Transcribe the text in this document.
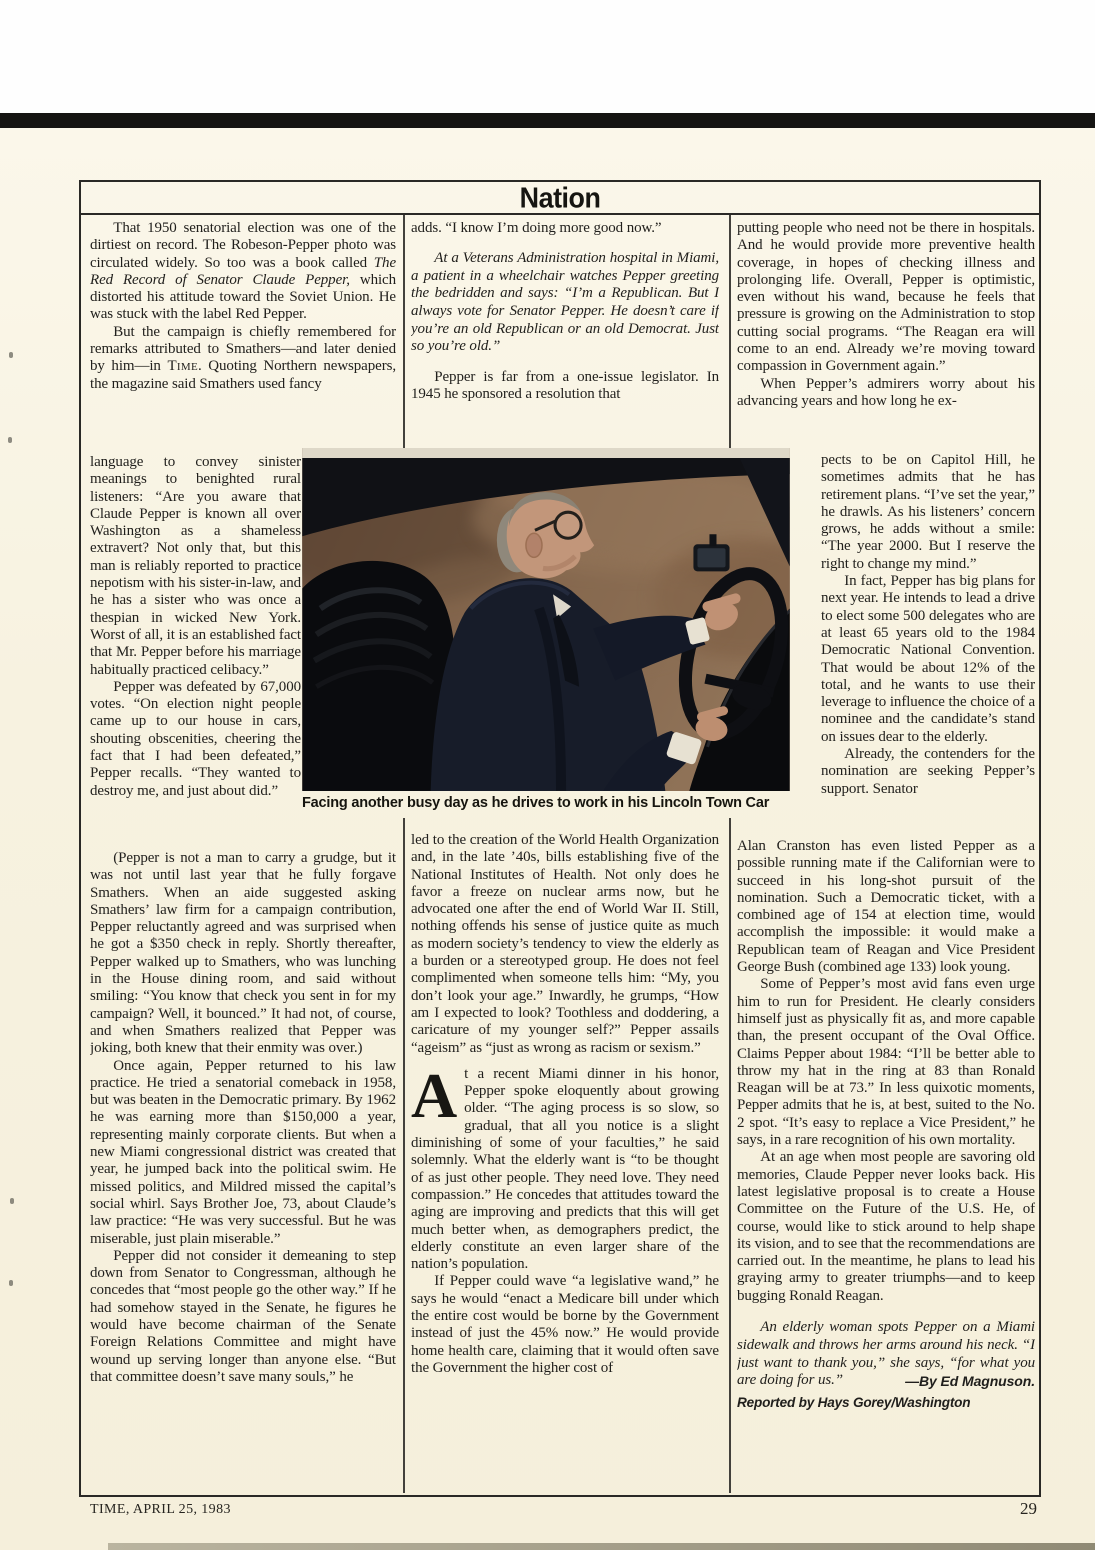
Nation
That 1950 senatorial election was one of the dirtiest on record. The Robeson-Pepper photo was circulated widely. So too was a book called The Red Record of Senator Claude Pepper, which distorted his attitude toward the Soviet Union. He was stuck with the label Red Pepper.
But the campaign is chiefly remembered for remarks attributed to Smathers—and later denied by him—in Time. Quoting Northern newspapers, the magazine said Smathers used fancy
language to convey sinister meanings to benighted rural listeners: “Are you aware that Claude Pepper is known all over Washington as a shameless extravert? Not only that, but this man is reliably reported to practice nepotism with his sister-in-law, and he has a sister who was once a thespian in wicked New York. Worst of all, it is an established fact that Mr. Pepper before his marriage habitually practiced celibacy.”
Pepper was defeated by 67,000 votes. “On election night people came up to our house in cars, shouting obscenities, cheering the fact that I had been defeated,” Pepper recalls. “They wanted to destroy me, and just about did.”
(Pepper is not a man to carry a grudge, but it was not until last year that he fully forgave Smathers. When an aide suggested asking Smathers’ law firm for a campaign contribution, Pepper reluctantly agreed and was surprised when he got a $350 check in reply. Shortly thereafter, Pepper walked up to Smathers, who was lunching in the House dining room, and said without smiling: “You know that check you sent in for my campaign? Well, it bounced.” It had not, of course, and when Smathers realized that Pepper was joking, both knew that their enmity was over.)
Once again, Pepper returned to his law practice. He tried a senatorial comeback in 1958, but was beaten in the Democratic primary. By 1962 he was earning more than $150,000 a year, representing mainly corporate clients. But when a new Miami congressional district was created that year, he jumped back into the political swim. He missed politics, and Mildred missed the capital’s social whirl. Says Brother Joe, 73, about Claude’s law practice: “He was very successful. But he was miserable, just plain miserable.”
Pepper did not consider it demeaning to step down from Senator to Congressman, although he concedes that “most people go the other way.” If he had somehow stayed in the Senate, he figures he would have become chairman of the Senate Foreign Relations Committee and might have wound up serving longer than anyone else. “But that committee doesn’t save many souls,” he
adds. “I know I’m doing more good now.”
At a Veterans Administration hospital in Miami, a patient in a wheelchair watches Pepper greeting the bedridden and says: “I’m a Republican. But I always vote for Senator Pepper. He doesn’t care if you’re an old Republican or an old Democrat. Just so you’re old.”
Pepper is far from a one-issue legislator. In 1945 he sponsored a resolution that
led to the creation of the World Health Organization and, in the late ’40s, bills establishing five of the National Institutes of Health. Not only does he favor a freeze on nuclear arms now, but he advocated one after the end of World War II. Still, nothing offends his sense of justice quite as much as modern society’s tendency to view the elderly as a burden or a stereotyped group. He does not feel complimented when someone tells him: “My, you don’t look your age.” Inwardly, he grumps, “How am I expected to look? Toothless and doddering, a caricature of my younger self?” Pepper assails “ageism” as “just as wrong as racism or sexism.”
At a recent Miami dinner in his honor, Pepper spoke eloquently about growing older. “The aging process is so slow, so gradual, that all you notice is a slight diminishing of some of your faculties,” he said solemnly. What the elderly want is “to be thought of as just other people. They need love. They need compassion.” He concedes that attitudes toward the aging are improving and predicts that this will get much better when, as demographers predict, the elderly constitute an even larger share of the nation’s population.
If Pepper could wave “a legislative wand,” he says he would “enact a Medicare bill under which the entire cost would be borne by the Government instead of just the 45% now.” He would provide home health care, claiming that it would often save the Government the higher cost of
putting people who need not be there in hospitals. And he would provide more preventive health coverage, in hopes of checking illness and prolonging life. Overall, Pepper is optimistic, even without his wand, because he feels that pressure is growing on the Administration to stop cutting social programs. “The Reagan era will come to an end. Already we’re moving toward compassion in Government again.”
When Pepper’s admirers worry about his advancing years and how long he ex-
pects to be on Capitol Hill, he sometimes admits that he has retirement plans. “I’ve set the year,” he drawls. As his listeners’ concern grows, he adds without a smile: “The year 2000. But I reserve the right to change my mind.”
In fact, Pepper has big plans for next year. He intends to lead a drive to elect some 500 delegates who are at least 65 years old to the 1984 Democratic National Convention. That would be about 12% of the total, and he wants to use their leverage to influence the choice of a nominee and the candidate’s stand on issues dear to the elderly.
Already, the contenders for the nomination are seeking Pepper’s support. Senator
Alan Cranston has even listed Pepper as a possible running mate if the Californian were to succeed in his long-shot pursuit of the nomination. Such a Democratic ticket, with a combined age of 154 at election time, would accomplish the impossible: it would make a Republican team of Reagan and Vice President George Bush (combined age 133) look young.
Some of Pepper’s most avid fans even urge him to run for President. He clearly considers himself just as physically fit as, and more capable than, the present occupant of the Oval Office. Claims Pepper about 1984: “I’ll be better able to throw my hat in the ring at 83 than Ronald Reagan will be at 73.” In less quixotic moments, Pepper admits that he is, at best, suited to the No. 2 spot. “It’s easy to replace a Vice President,” he says, in a rare recognition of his own mortality.
At an age when most people are savoring old memories, Claude Pepper never looks back. His latest legislative proposal is to create a House Committee on the Future of the U.S. He, of course, would like to stick around to help shape its vision, and to see that the recommendations are carried out. In the meantime, he plans to lead his graying army to greater triumphs—and to keep bugging Ronald Reagan.
An elderly woman spots Pepper on a Miami sidewalk and throws her arms around his neck. “I just want to thank you,” she says, “for what you are doing for us.”	—By Ed Magnuson.
Reported by Hays Gorey/Washington
Facing another busy day as he drives to work in his Lincoln Town Car
TIME, APRIL 25, 1983	29
